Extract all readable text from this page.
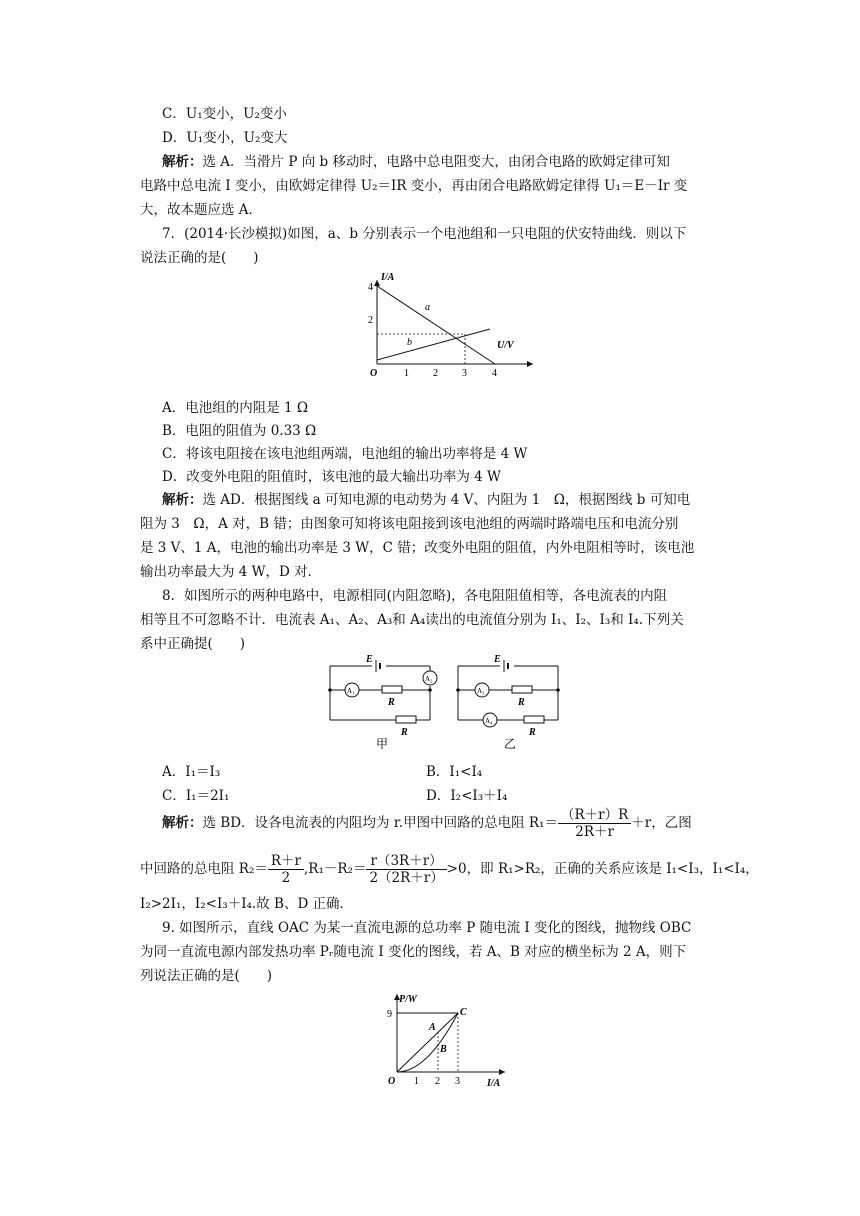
C．U₁变小，U₂变小
D．U₁变小，U₂变大
解析：选 A．当滑片 P 向 b 移动时，电路中总电阻变大，由闭合电路的欧姆定律可知
电路中总电流 I 变小，由欧姆定律得 U₂＝IR 变小，再由闭合电路欧姆定律得 U₁＝E－Ir 变
大，故本题应选 A．
7．(2014·长沙模拟)如图，a、b 分别表示一个电池组和一只电阻的伏安特曲线．则以下
说法正确的是(　　)
I/A
4
2
O	1 2 3	4
U/V
a
b
A．电池组的内阻是 1 Ω
B．电阻的阻值为 0.33 Ω
C．将该电阻接在该电池组两端，电池组的输出功率将是 4 W
D．改变外电阻的阻值时，该电池的最大输出功率为 4 W
解析：选 AD．根据图线 a 可知电源的电动势为 4 V、内阻为 1　Ω，根据图线 b 可知电
阻为 3　Ω，A 对，B 错；由图象可知将该电阻接到该电池组的两端时路端电压和电流分别
是 3 V、1 A，电池的输出功率是 3 W，C 错；改变外电阻的阻值，内外电阻相等时，该电池
输出功率最大为 4 W，D 对．
8．如图所示的两种电路中，电源相同(内阻忽略)，各电阻阻值相等，各电流表的内阻
相等且不可忽略不计．电流表 A₁、A₂、A₃和 A₄读出的电流值分别为 I₁、I₂、I₃和 I₄.下列关
系中正确提(　　)
E
A₂
A₁
R
R
E
A₃
R
A₄
R
甲	乙
A．I₁＝I₃	B．I₁<I₄
C．I₁＝2I₁	D．I₂<I₃＋I₄
解析：选 BD．设各电流表的内阻均为 r.甲图中回路的总电阻 $R_1= \frac{(R+r)R}{2R+r} +r$，乙图
中回路的总电阻 $R_2= \frac{R+r}{2} ,R_1-R_2= \frac{r(3R+r)}{2(2R+r)} >0$，即 R₁>R₂，正确的关系应该是 I₁<I₃，I₁<I₄，
I₂>2I₁，I₂<I₃＋I₄.故 B、D 正确．
9. 如图所示，直线 OAC 为某一直流电源的总功率 P 随电流 I 变化的图线，抛物线 OBC
为同一直流电源内部发热功率 Pᵣ随电流 I 变化的图线，若 A、B 对应的横坐标为 2 A，则下
列说法正确的是(　　)
P/W
9
O 1 2 3	I/A
A
B
C
